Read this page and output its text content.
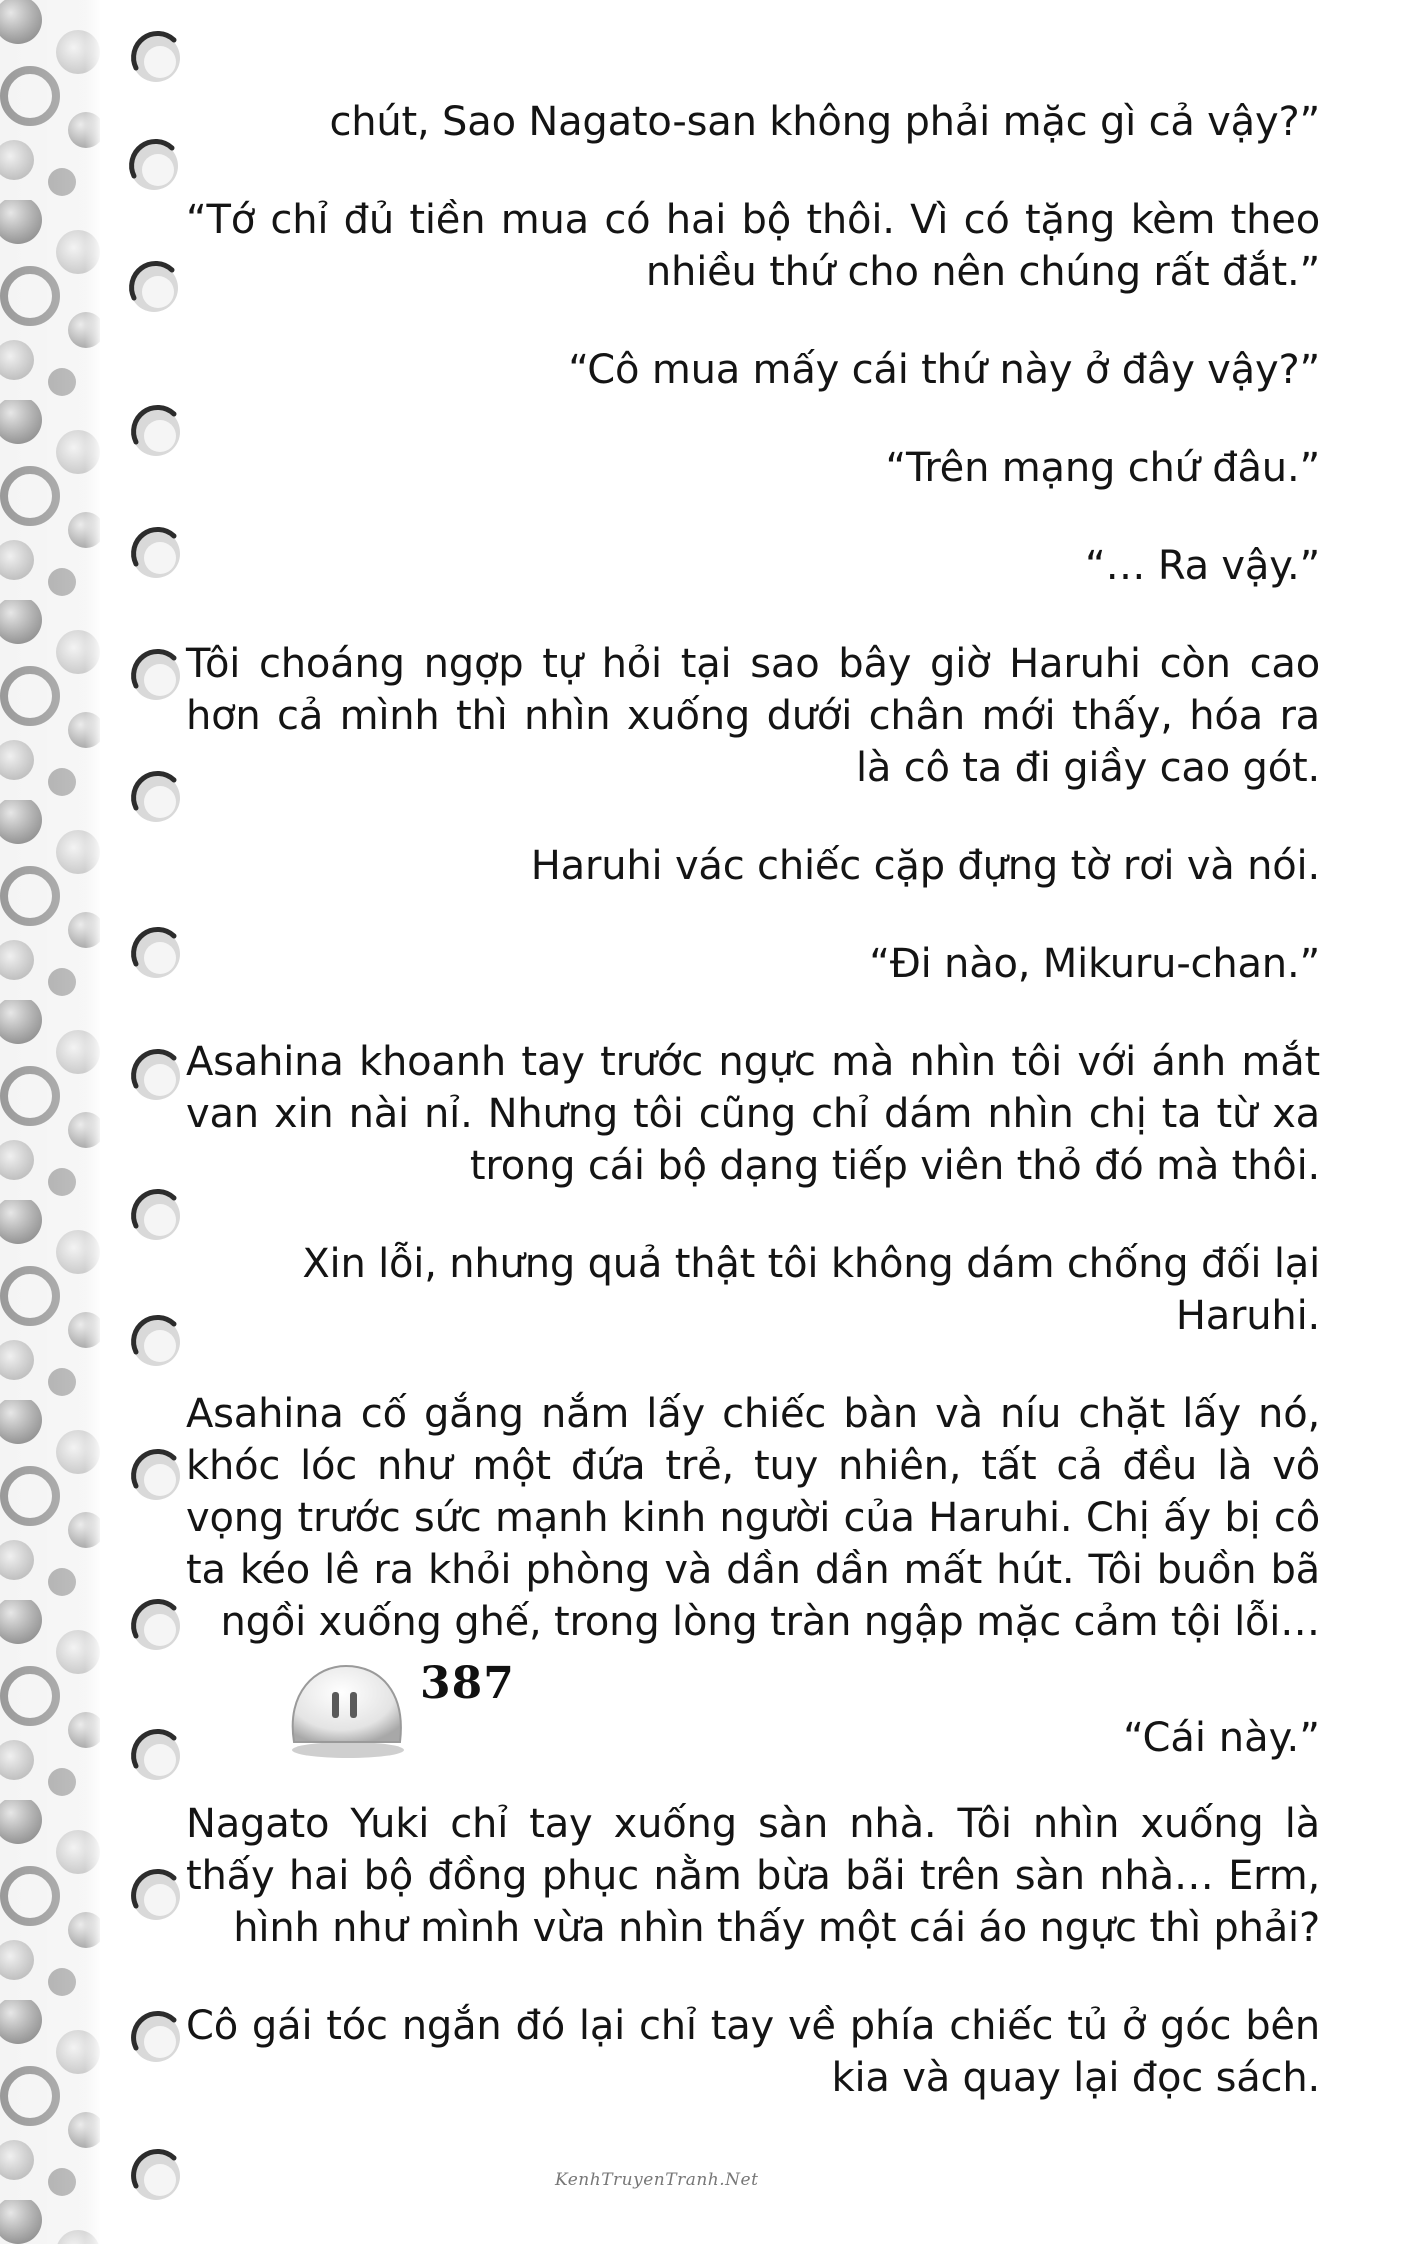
chút, Sao Nagato-san không phải mặc gì cả vậy?”

“Tớ chỉ đủ tiền mua có hai bộ thôi. Vì có tặng kèm theo nhiều thứ cho nên chúng rất đắt.”

“Cô mua mấy cái thứ này ở đây vậy?”

“Trên mạng chứ đâu.”

“… Ra vậy.”

Tôi choáng ngợp tự hỏi tại sao bây giờ Haruhi còn cao hơn cả mình thì nhìn xuống dưới chân mới thấy, hóa ra là cô ta đi giầy cao gót.

Haruhi vác chiếc cặp đựng tờ rơi và nói.

“Đi nào, Mikuru-chan.”

Asahina khoanh tay trước ngực mà nhìn tôi với ánh mắt van xin nài nỉ. Nhưng tôi cũng chỉ dám nhìn chị ta từ xa trong cái bộ dạng tiếp viên thỏ đó mà thôi.

Xin lỗi, nhưng quả thật tôi không dám chống đối lại Haruhi.

Asahina cố gắng nắm lấy chiếc bàn và níu chặt lấy nó, khóc lóc như một đứa trẻ, tuy nhiên, tất cả đều là vô vọng trước sức mạnh kinh người của Haruhi. Chị ấy bị cô ta kéo lê ra khỏi phòng và dần dần mất hút. Tôi buồn bã ngồi xuống ghế, trong lòng tràn ngập mặc cảm tội lỗi…

Nagato Yuki chỉ tay xuống sàn nhà. Tôi nhìn xuống là thấy hai bộ đồng phục nằm bừa bãi trên sàn nhà… Erm, hình như mình vừa nhìn thấy một cái áo ngực thì phải?

Cô gái tóc ngắn đó lại chỉ tay về phía chiếc tủ ở góc bên kia và quay lại đọc sách.

“Cái này.”
387
KenhTruyenTranh.Net
